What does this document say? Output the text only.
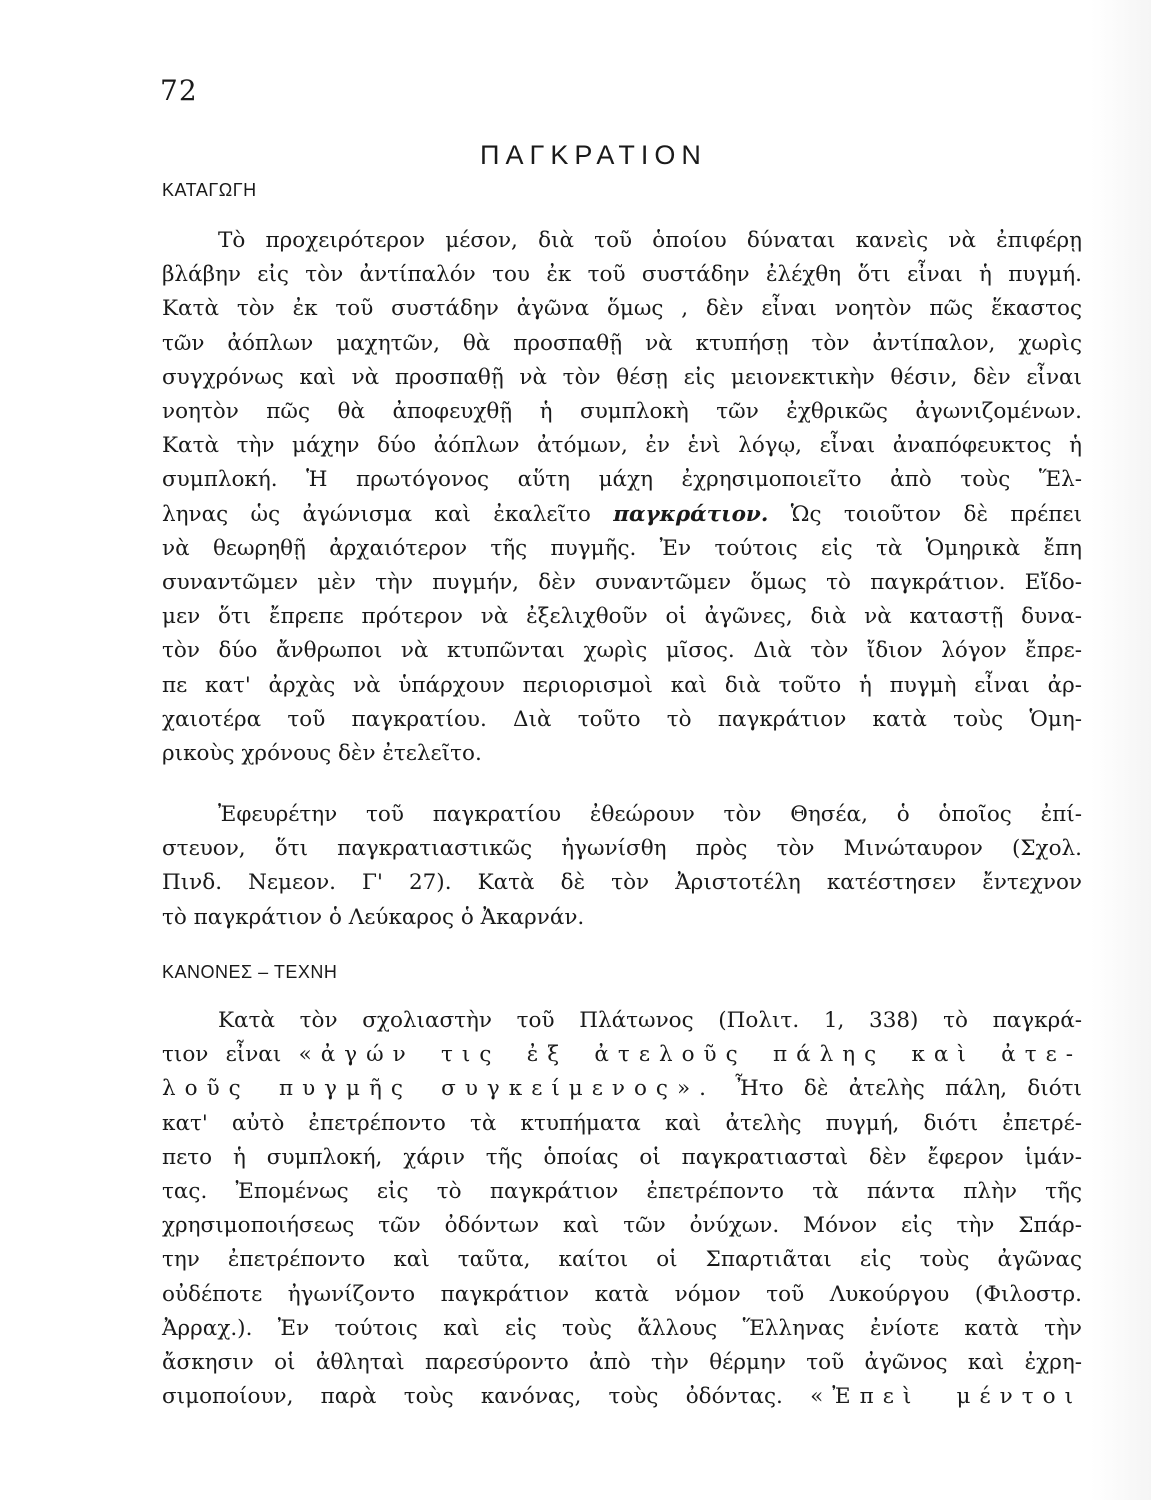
72
ΠΑΓΚΡΑΤΙΟΝ
ΚΑΤΑΓΩΓΗ
Τὸ προχειρότερον μέσον, διὰ τοῦ ὁποίου δύναται κανεὶς νὰ ἐπιφέρῃ
βλάβην εἰς τὸν ἀντίπαλόν του ἐκ τοῦ συστάδην ἐλέχθη ὅτι εἶναι ἡ πυγμή.
Κατὰ τὸν ἐκ τοῦ συστάδην ἀγῶνα ὅμως , δὲν εἶναι νοητὸν πῶς ἕκαστος
τῶν ἀόπλων μαχητῶν, θὰ προσπαθῇ νὰ κτυπήσῃ τὸν ἀντίπαλον, χωρὶς
συγχρόνως καὶ νὰ προσπαθῇ νὰ τὸν θέσῃ εἰς μειονεκτικὴν θέσιν, δὲν εἶναι
νοητὸν πῶς θὰ ἀποφευχθῇ ἡ συμπλοκὴ τῶν ἐχθρικῶς ἀγωνιζομένων.
Κατὰ τὴν μάχην δύο ἀόπλων ἀτόμων, ἐν ἑνὶ λόγῳ, εἶναι ἀναπόφευκτος ἡ
συμπλοκή. Ἡ πρωτόγονος αὕτη μάχη ἐχρησιμοποιεῖτο ἀπὸ τοὺς Ἕλ-
ληνας ὡς ἀγώνισμα καὶ ἐκαλεῖτο παγκράτιον. Ὡς τοιοῦτον δὲ πρέπει
νὰ θεωρηθῇ ἀρχαιότερον τῆς πυγμῆς. Ἐν τούτοις εἰς τὰ Ὁμηρικὰ ἔπη
συναντῶμεν μὲν τὴν πυγμήν, δὲν συναντῶμεν ὅμως τὸ παγκράτιον. Εἴδο-
μεν ὅτι ἔπρεπε πρότερον νὰ ἐξελιχθοῦν οἱ ἀγῶνες, διὰ νὰ καταστῇ δυνα-
τὸν δύο ἄνθρωποι νὰ κτυπῶνται χωρὶς μῖσος. Διὰ τὸν ἴδιον λόγον ἔπρε-
πε κατ' ἀρχὰς νὰ ὑπάρχουν περιορισμοὶ καὶ διὰ τοῦτο ἡ πυγμὴ εἶναι ἀρ-
χαιοτέρα τοῦ παγκρατίου. Διὰ τοῦτο τὸ παγκράτιον κατὰ τοὺς Ὁμη-
ρικοὺς χρόνους δὲν ἐτελεῖτο.
Ἐφευρέτην τοῦ παγκρατίου ἐθεώρουν τὸν Θησέα, ὁ ὁποῖος ἐπί-
στευον, ὅτι παγκρατιαστικῶς ἠγωνίσθη πρὸς τὸν Μινώταυρον (Σχολ.
Πινδ. Νεμεον. Γ' 27). Κατὰ δὲ τὸν Ἀριστοτέλη κατέστησεν ἔντεχνον
τὸ παγκράτιον ὁ Λεύκαρος ὁ Ἀκαρνάν.
ΚΑΝΟΝΕΣ – ΤΕΧΝΗ
Κατὰ τὸν σχολιαστὴν τοῦ Πλάτωνος (Πολιτ. 1, 338) τὸ παγκρά-
τιον εἶναι «ἀγών τις ἐξ ἀτελοῦς πάλης καὶ ἀτε-
λοῦς πυγμῆς συγκείμενος». Ἦτο δὲ ἀτελὴς πάλη, διότι
κατ' αὐτὸ ἐπετρέποντο τὰ κτυπήματα καὶ ἀτελὴς πυγμή, διότι ἐπετρέ-
πετο ἡ συμπλοκή, χάριν τῆς ὁποίας οἱ παγκρατιασταὶ δὲν ἔφερον ἱμάν-
τας. Ἐπομένως εἰς τὸ παγκράτιον ἐπετρέποντο τὰ πάντα πλὴν τῆς
χρησιμοποιήσεως τῶν ὀδόντων καὶ τῶν ὀνύχων. Μόνον εἰς τὴν Σπάρ-
την ἐπετρέποντο καὶ ταῦτα, καίτοι οἱ Σπαρτιᾶται εἰς τοὺς ἀγῶνας
οὐδέποτε ἠγωνίζοντο παγκράτιον κατὰ νόμον τοῦ Λυκούργου (Φιλοστρ.
Ἀρραχ.). Ἐν τούτοις καὶ εἰς τοὺς ἄλλους Ἕλληνας ἐνίοτε κατὰ τὴν
ἄσκησιν οἱ ἀθληταὶ παρεσύροντο ἀπὸ τὴν θέρμην τοῦ ἀγῶνος καὶ ἐχρη-
σιμοποίουν, παρὰ τοὺς κανόνας, τοὺς ὀδόντας. «Ἐπεὶ μέντοι
